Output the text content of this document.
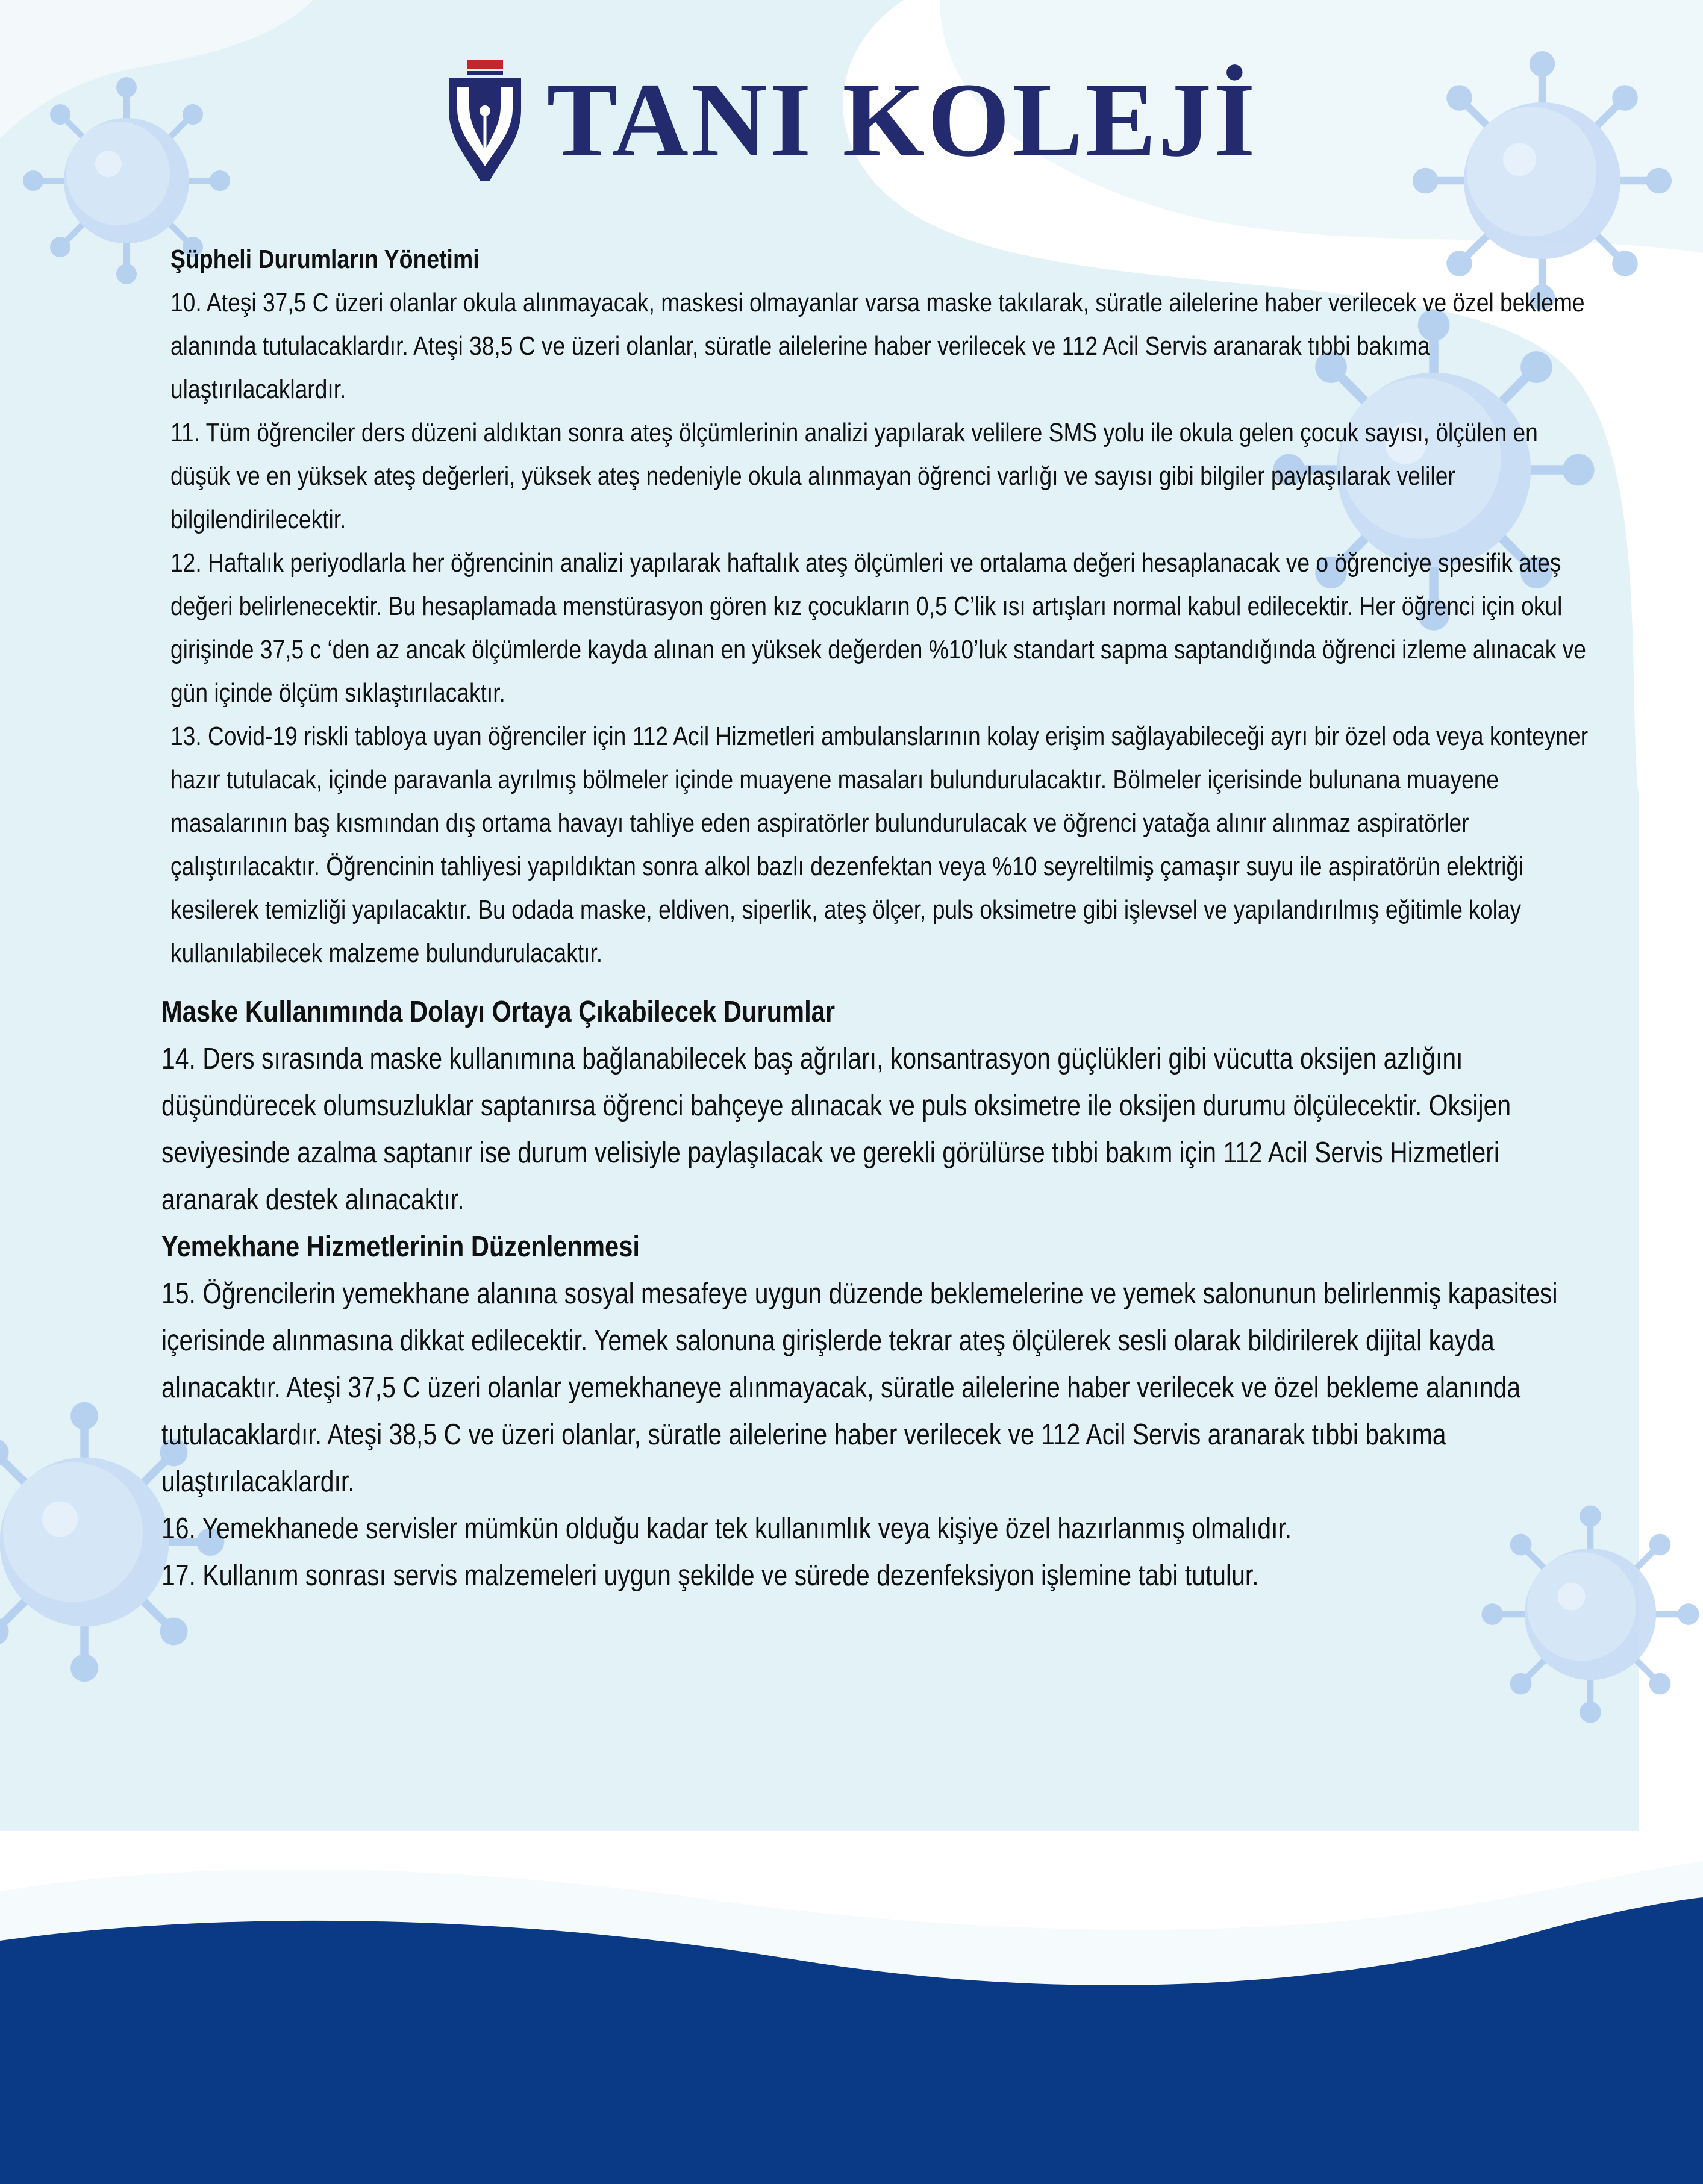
TANI KOLEJİ

Şüpheli Durumların Yönetimi

10. Ateşi 37,5 C üzeri olanlar okula alınmayacak, maskesi olmayanlar varsa maske takılarak, süratle ailelerine haber verilecek ve özel bekleme alanında tutulacaklardır. Ateşi 38,5 C ve üzeri olanlar, süratle ailelerine haber verilecek ve 112 Acil Servis aranarak tıbbi bakıma ulaştırılacaklardır.

11. Tüm öğrenciler ders düzeni aldıktan sonra ateş ölçümlerinin analizi yapılarak velilere SMS yolu ile okula gelen çocuk sayısı, ölçülen en düşük ve en yüksek ateş değerleri, yüksek ateş nedeniyle okula alınmayan öğrenci varlığı ve sayısı gibi bilgiler paylaşılarak veliler bilgilendirilecektir.

12. Haftalık periyodlarla her öğrencinin analizi yapılarak haftalık ateş ölçümleri ve ortalama değeri hesaplanacak ve o öğrenciye spesifik ateş değeri belirlenecektir. Bu hesaplamada menstürasyon gören kız çocukların 0,5 C’lik ısı artışları normal kabul edilecektir. Her öğrenci için okul girişinde 37,5 c ‘den az ancak ölçümlerde kayda alınan en yüksek değerden %10’luk standart sapma saptandığında öğrenci izleme alınacak ve gün içinde ölçüm sıklaştırılacaktır.

13. Covid-19 riskli tabloya uyan öğrenciler için 112 Acil Hizmetleri ambulanslarının kolay erişim sağlayabileceği ayrı bir özel oda veya konteyner hazır tutulacak, içinde paravanla ayrılmış bölmeler içinde muayene masaları bulundurulacaktır. Bölmeler içerisinde bulunana muayene masalarının baş kısmından dış ortama havayı tahliye eden aspiratörler bulundurulacak ve öğrenci yatağa alınır alınmaz aspiratörler çalıştırılacaktır. Öğrencinin tahliyesi yapıldıktan sonra alkol bazlı dezenfektan veya %10 seyreltilmiş çamaşır suyu ile aspiratörün elektriği kesilerek temizliği yapılacaktır. Bu odada maske, eldiven, siperlik, ateş ölçer, puls oksimetre gibi işlevsel ve yapılandırılmış eğitimle kolay kullanılabilecek malzeme bulundurulacaktır.

Maske Kullanımında Dolayı Ortaya Çıkabilecek Durumlar

14. Ders sırasında maske kullanımına bağlanabilecek baş ağrıları, konsantrasyon güçlükleri gibi vücutta oksijen azlığını düşündürecek olumsuzluklar saptanırsa öğrenci bahçeye alınacak ve puls oksimetre ile oksijen durumu ölçülecektir. Oksijen seviyesinde azalma saptanır ise durum velisiyle paylaşılacak ve gerekli görülürse tıbbi bakım için 112 Acil Servis Hizmetleri aranarak destek alınacaktır.

Yemekhane Hizmetlerinin Düzenlenmesi

15. Öğrencilerin yemekhane alanına sosyal mesafeye uygun düzende beklemelerine ve yemek salonunun belirlenmiş kapasitesi içerisinde alınmasına dikkat edilecektir. Yemek salonuna girişlerde tekrar ateş ölçülerek sesli olarak bildirilerek dijital kayda alınacaktır. Ateşi 37,5 C üzeri olanlar yemekhaneye alınmayacak, süratle ailelerine haber verilecek ve özel bekleme alanında tutulacaklardır. Ateşi 38,5 C ve üzeri olanlar, süratle ailelerine haber verilecek ve 112 Acil Servis aranarak tıbbi bakıma ulaştırılacaklardır.

16. Yemekhanede servisler mümkün olduğu kadar tek kullanımlık veya kişiye özel hazırlanmış olmalıdır.

17. Kullanım sonrası servis malzemeleri uygun şekilde ve sürede dezenfeksiyon işlemine tabi tutulur.
